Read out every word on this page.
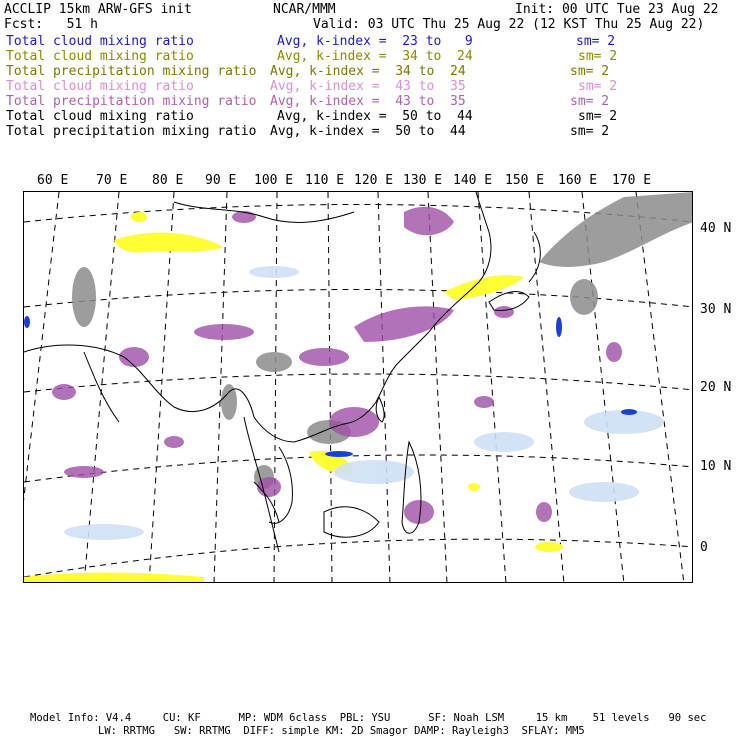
ACCLIP 15km ARW-GFS init	NCAR/MMM	Init: 00 UTC Tue 23 Aug 22
Fcst:   51 h	Valid: 03 UTC Thu 25 Aug 22 (12 KST Thu 25 Aug 22)
Total cloud mixing ratio	Avg, k-index =  23 to   9	sm= 2
Total cloud mixing ratio	Avg, k-index =  34 to  24	sm= 2
Total precipitation mixing ratio Avg, k-index =  34 to  24	sm= 2
Total cloud mixing ratio	Avg, k-index =  43 to  35	sm= 2
Total precipitation mixing ratio Avg, k-index =  43 to  35	sm= 2
Total cloud mixing ratio	Avg, k-index =  50 to  44	sm= 2
Total precipitation mixing ratio Avg, k-index =  50 to  44	sm= 2
60 E 70 E 80 E 90 E 100 E 110 E 120 E 130 E 140 E 150 E 160 E 170 E
40 N
30 N
20 N
10 N
0
Model Info: V4.4     CU: KF      MP: WDM 6class  PBL: YSU      SF: Noah LSM     15 km    51 levels   90 sec
LW: RRTMG   SW: RRTMG  DIFF: simple KM: 2D Smagor DAMP: Rayleigh3  SFLAY: MM5
